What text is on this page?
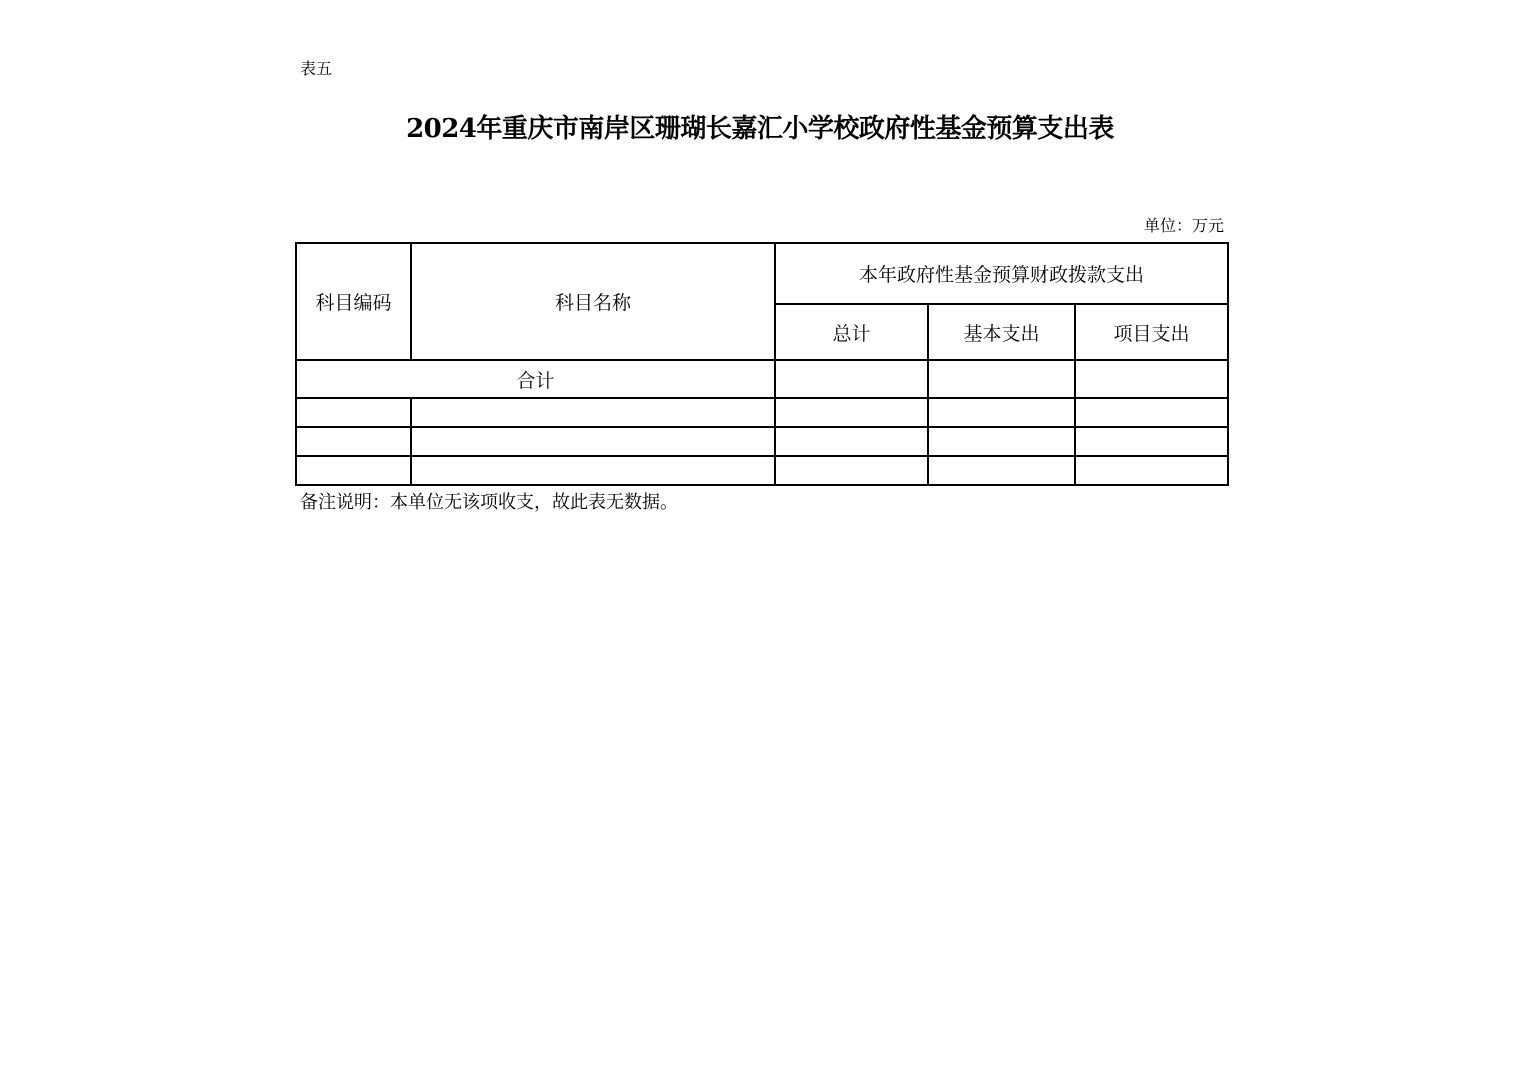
表五
2024年重庆市南岸区珊瑚长嘉汇小学校政府性基金预算支出表
单位：万元
科目编码	科目名称	本年政府性基金预算财政拨款支出		
		总计	基本支出	项目支出
合计				

备注说明：本单位无该项收支，故此表无数据。
